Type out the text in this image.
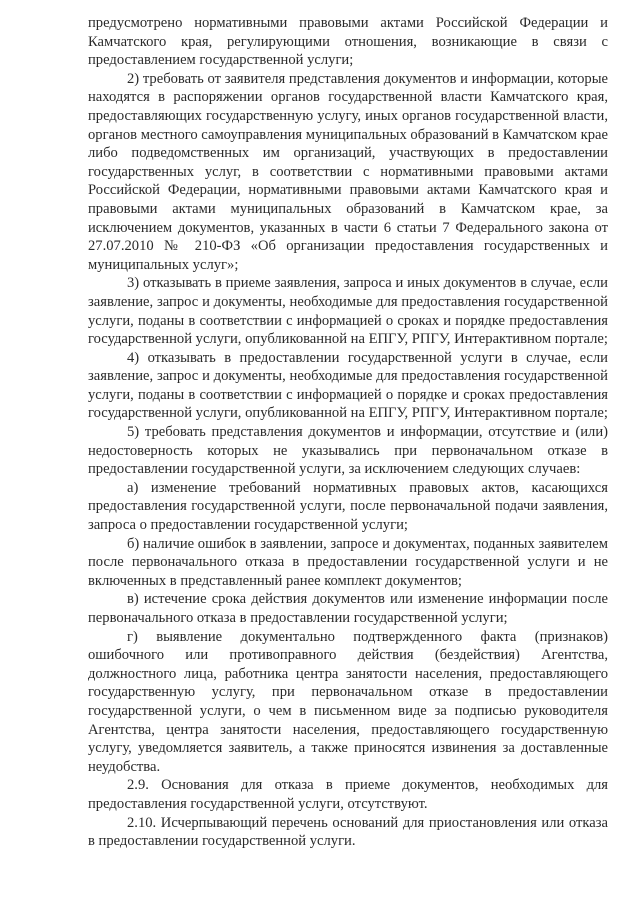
предусмотрено нормативными правовыми актами Российской Федерации и Камчатского края, регулирующими отношения, возникающие в связи с предоставлением государственной услуги;

2) требовать от заявителя представления документов и информации, которые находятся в распоряжении органов государственной власти Камчатского края, предоставляющих государственную услугу, иных органов государственной власти, органов местного самоуправления муниципальных образований в Камчатском крае либо подведомственных им организаций, участвующих в предоставлении государственных услуг, в соответствии с нормативными правовыми актами Российской Федерации, нормативными правовыми актами Камчатского края и правовыми актами муниципальных образований в Камчатском крае, за исключением документов, указанных в части 6 статьи 7 Федерального закона от 27.07.2010 № 210-ФЗ «Об организации предоставления государственных и муниципальных услуг»;

3) отказывать в приеме заявления, запроса и иных документов в случае, если заявление, запрос и документы, необходимые для предоставления государственной услуги, поданы в соответствии с информацией о сроках и порядке предоставления государственной услуги, опубликованной на ЕПГУ, РПГУ, Интерактивном портале;

4) отказывать в предоставлении государственной услуги в случае, если заявление, запрос и документы, необходимые для предоставления государственной услуги, поданы в соответствии с информацией о порядке и сроках предоставления государственной услуги, опубликованной на ЕПГУ, РПГУ, Интерактивном портале;

5) требовать представления документов и информации, отсутствие и (или) недостоверность которых не указывались при первоначальном отказе в предоставлении государственной услуги, за исключением следующих случаев:

а) изменение требований нормативных правовых актов, касающихся предоставления государственной услуги, после первоначальной подачи заявления, запроса о предоставлении государственной услуги;

б) наличие ошибок в заявлении, запросе и документах, поданных заявителем после первоначального отказа в предоставлении государственной услуги и не включенных в представленный ранее комплект документов;

в) истечение срока действия документов или изменение информации после первоначального отказа в предоставлении государственной услуги;

г) выявление документально подтвержденного факта (признаков) ошибочного или противоправного действия (бездействия) Агентства, должностного лица, работника центра занятости населения, предоставляющего государственную услугу, при первоначальном отказе в предоставлении государственной услуги, о чем в письменном виде за подписью руководителя Агентства, центра занятости населения, предоставляющего государственную услугу, уведомляется заявитель, а также приносятся извинения за доставленные неудобства.

2.9. Основания для отказа в приеме документов, необходимых для предоставления государственной услуги, отсутствуют.

2.10. Исчерпывающий перечень оснований для приостановления или отказа в предоставлении государственной услуги.
